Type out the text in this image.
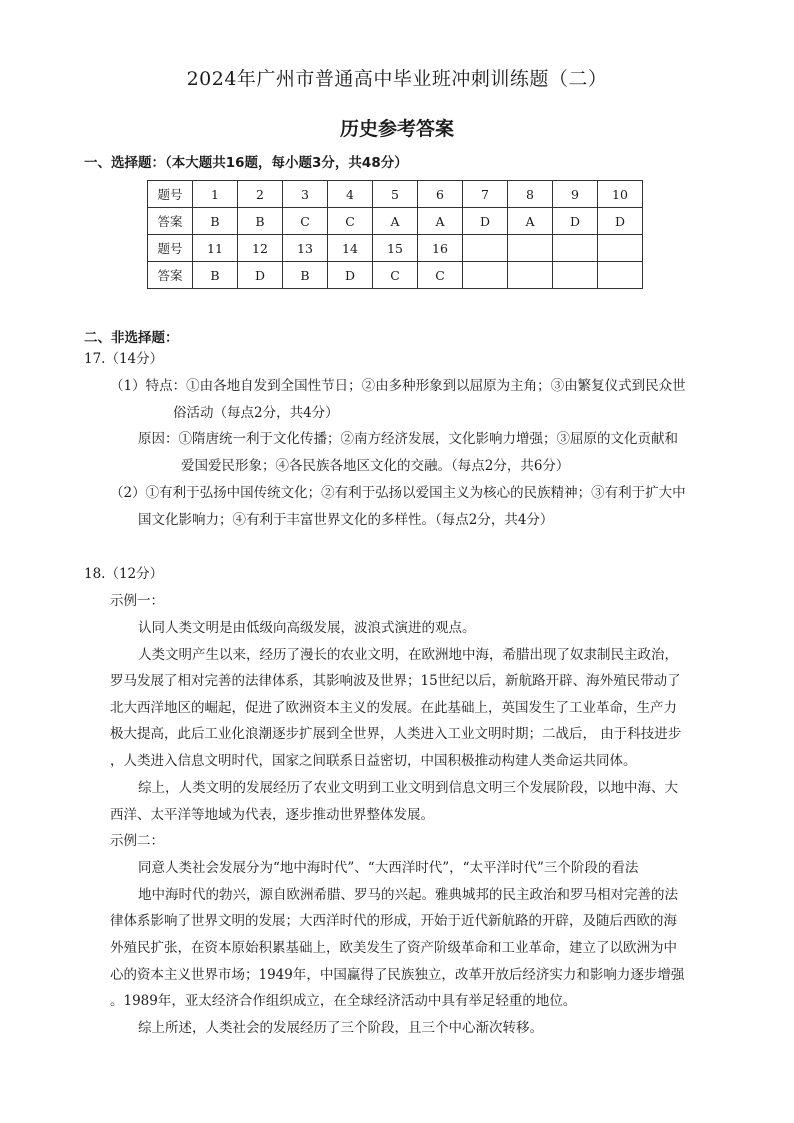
2024年广州市普通高中毕业班冲刺训练题（二）
历史参考答案
一、选择题：（本大题共16题，每小题3分，共48分）
题号	1	2	3	4	5	6	7	8	9	10
答案	B	B	C	C	A	A	D	A	D	D
题号	11	12	13	14	15	16				
答案	B	D	B	D	C	C				
二、非选择题：
17.（14分）
（1）特点：①由各地自发到全国性节日；②由多种形象到以屈原为主角；③由繁复仪式到民众世
俗活动（每点2分，共4分）
原因：①隋唐统一利于文化传播；②南方经济发展，文化影响力增强；③屈原的文化贡献和
爱国爱民形象；④各民族各地区文化的交融。（每点2分，共6分）
（2）①有利于弘扬中国传统文化；②有利于弘扬以爱国主义为核心的民族精神；③有利于扩大中
国文化影响力；④有利于丰富世界文化的多样性。（每点2分，共4分）
18.（12分）
示例一：
认同人类文明是由低级向高级发展，波浪式演进的观点。
人类文明产生以来，经历了漫长的农业文明，在欧洲地中海，希腊出现了奴隶制民主政治，
罗马发展了相对完善的法律体系，其影响波及世界；15世纪以后，新航路开辟、海外殖民带动了
北大西洋地区的崛起，促进了欧洲资本主义的发展。在此基础上，英国发生了工业革命，生产力
极大提高，此后工业化浪潮逐步扩展到全世界，人类进入工业文明时期；二战后， 由于科技进步
，人类进入信息文明时代，国家之间联系日益密切，中国积极推动构建人类命运共同体。
综上，人类文明的发展经历了农业文明到工业文明到信息文明三个发展阶段，以地中海、大
西洋、太平洋等地域为代表，逐步推动世界整体发展。
示例二：
同意人类社会发展分为“地中海时代”、“大西洋时代”，“太平洋时代”三个阶段的看法
地中海时代的勃兴，源自欧洲希腊、罗马的兴起。雅典城邦的民主政治和罗马相对完善的法
律体系影响了世界文明的发展；大西洋时代的形成，开始于近代新航路的开辟，及随后西欧的海
外殖民扩张，在资本原始积累基础上，欧美发生了资产阶级革命和工业革命，建立了以欧洲为中
心的资本主义世界市场；1949年，中国赢得了民族独立，改革开放后经济实力和影响力逐步增强
。1989年，亚太经济合作组织成立，在全球经济活动中具有举足轻重的地位。
综上所述，人类社会的发展经历了三个阶段，且三个中心渐次转移。
